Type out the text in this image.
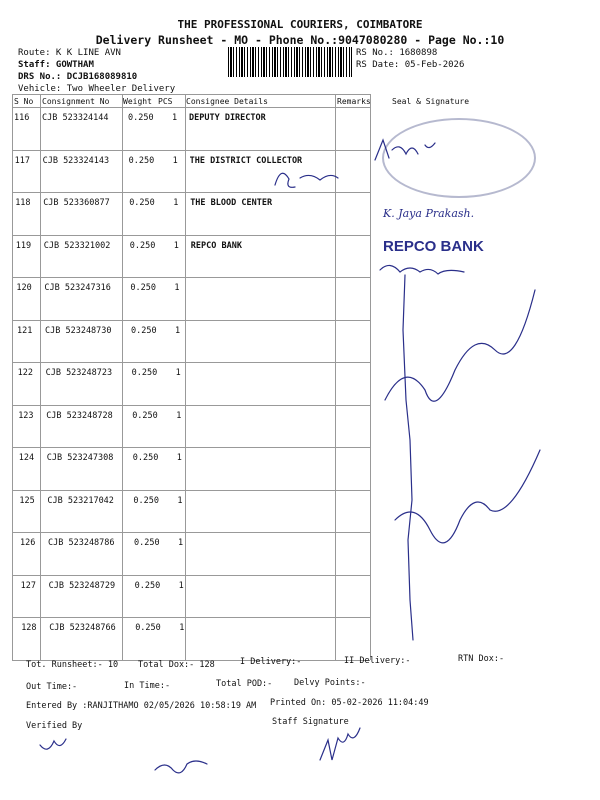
THE PROFESSIONAL COURIERS, COIMBATORE
Delivery Runsheet - MO - Phone No.:9047080280 - Page No.:10
Route: K K LINE AVN
Staff: GOWTHAM
DRS No.: DCJB168089810
Vehicle: Two Wheeler Delivery
RS No.: 1680898
RS Date: 05-Feb-2026
S No Consignment No Weight PCS Consignee Details	Remarks	Seal & Signature
116 CJB 523324144 0.250 1 DEPUTY DIRECTOR
117 CJB 523324143 0.250 1 THE DISTRICT COLLECTOR
118 CJB 523360877 0.250 1 THE BLOOD CENTER
119 CJB 523321002 0.250 1 REPCO BANK
120 CJB 523247316 0.250 1
121 CJB 523248730 0.250 1
122 CJB 523248723 0.250 1
123 CJB 523248728 0.250 1
124 CJB 523247308 0.250 1
125 CJB 523217042 0.250 1
126 CJB 523248786 0.250 1
127 CJB 523248729 0.250 1
128 CJB 523248766 0.250 1
K. Jaya Prakash.
REPCO BANK
Tot. Runsheet:- 10 Total Dox:- 128	I Delivery:-	II Delivery:-	RTN Dox:-
Out Time:-	In Time:-	Total POD:-	Delvy Points:-
Entered By :RANJITHAMO 02/05/2026 10:58:19 AM Printed On: 05-02-2026 11:04:49
Verified By	Staff Signature
